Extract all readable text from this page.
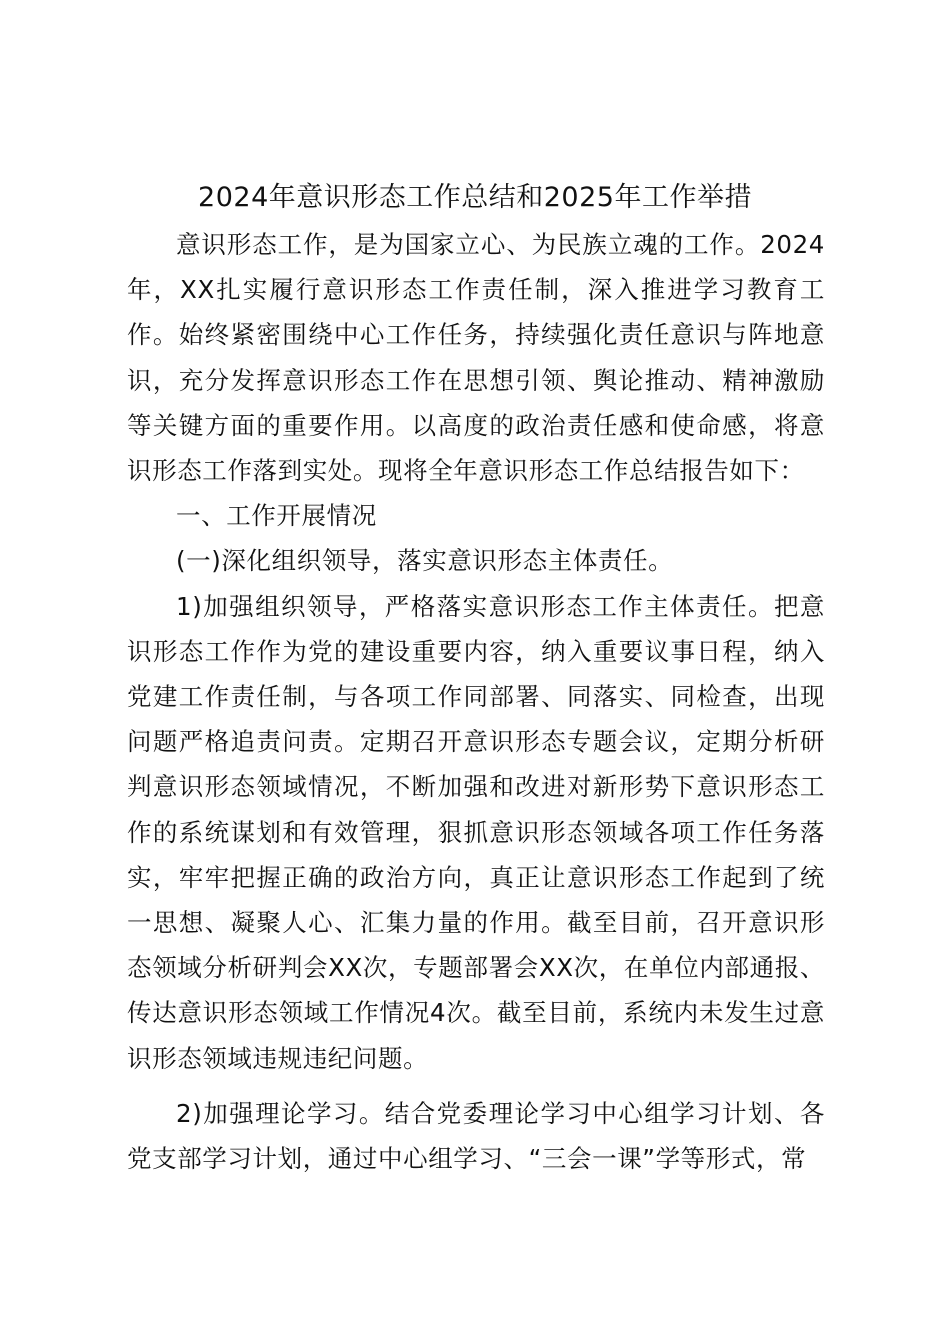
2024年意识形态工作总结和2025年工作举措

意识形态工作，是为国家立心、为民族立魂的工作。2024年，XX扎实履行意识形态工作责任制，深入推进学习教育工作。始终紧密围绕中心工作任务，持续强化责任意识与阵地意识，充分发挥意识形态工作在思想引领、舆论推动、精神激励等关键方面的重要作用。以高度的政治责任感和使命感，将意识形态工作落到实处。现将全年意识形态工作总结报告如下：

一、工作开展情况

(一)深化组织领导，落实意识形态主体责任。

1)加强组织领导，严格落实意识形态工作主体责任。把意识形态工作作为党的建设重要内容，纳入重要议事日程，纳入党建工作责任制，与各项工作同部署、同落实、同检查，出现问题严格追责问责。定期召开意识形态专题会议，定期分析研判意识形态领域情况，不断加强和改进对新形势下意识形态工作的系统谋划和有效管理，狠抓意识形态领域各项工作任务落实，牢牢把握正确的政治方向，真正让意识形态工作起到了统一思想、凝聚人心、汇集力量的作用。截至目前，召开意识形态领域分析研判会XX次，专题部署会XX次，在单位内部通报、传达意识形态领域工作情况4次。截至目前，系统内未发生过意识形态领域违规违纪问题。

2)加强理论学习。结合党委理论学习中心组学习计划、各党支部学习计划，通过中心组学习、“三会一课”学等形式，常
